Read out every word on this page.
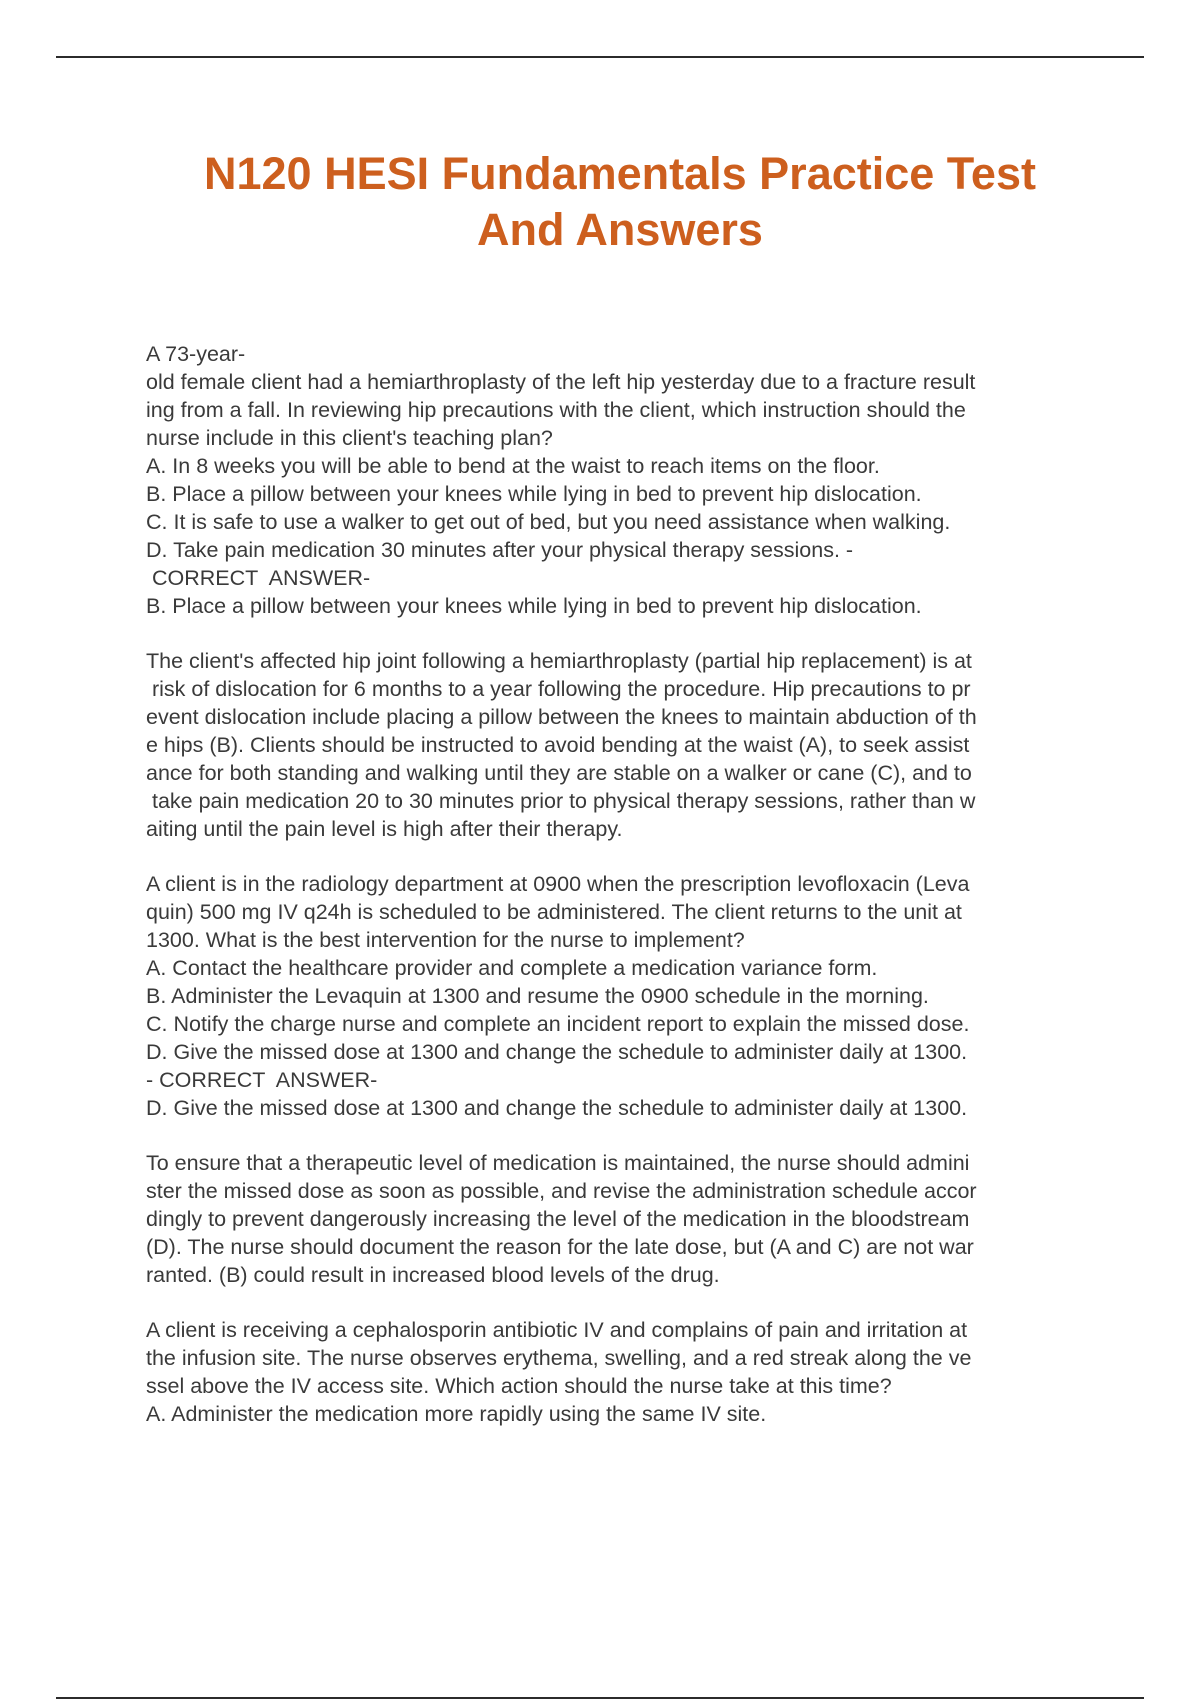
N120 HESI Fundamentals Practice Test
And Answers
A 73-year-
old female client had a hemiarthroplasty of the left hip yesterday due to a fracture result
ing from a fall. In reviewing hip precautions with the client, which instruction should the
nurse include in this client's teaching plan?
A. In 8 weeks you will be able to bend at the waist to reach items on the floor.
B. Place a pillow between your knees while lying in bed to prevent hip dislocation.
C. It is safe to use a walker to get out of bed, but you need assistance when walking.
D. Take pain medication 30 minutes after your physical therapy sessions. -
CORRECT  ANSWER-
B. Place a pillow between your knees while lying in bed to prevent hip dislocation.
The client's affected hip joint following a hemiarthroplasty (partial hip replacement) is at
risk of dislocation for 6 months to a year following the procedure. Hip precautions to pr
event dislocation include placing a pillow between the knees to maintain abduction of th
e hips (B). Clients should be instructed to avoid bending at the waist (A), to seek assist
ance for both standing and walking until they are stable on a walker or cane (C), and to
take pain medication 20 to 30 minutes prior to physical therapy sessions, rather than w
aiting until the pain level is high after their therapy.
A client is in the radiology department at 0900 when the prescription levofloxacin (Leva
quin) 500 mg IV q24h is scheduled to be administered. The client returns to the unit at
1300. What is the best intervention for the nurse to implement?
A. Contact the healthcare provider and complete a medication variance form.
B. Administer the Levaquin at 1300 and resume the 0900 schedule in the morning.
C. Notify the charge nurse and complete an incident report to explain the missed dose.
D. Give the missed dose at 1300 and change the schedule to administer daily at 1300.
- CORRECT  ANSWER-
D. Give the missed dose at 1300 and change the schedule to administer daily at 1300.
To ensure that a therapeutic level of medication is maintained, the nurse should admini
ster the missed dose as soon as possible, and revise the administration schedule accor
dingly to prevent dangerously increasing the level of the medication in the bloodstream
(D). The nurse should document the reason for the late dose, but (A and C) are not war
ranted. (B) could result in increased blood levels of the drug.
A client is receiving a cephalosporin antibiotic IV and complains of pain and irritation at
the infusion site. The nurse observes erythema, swelling, and a red streak along the ve
ssel above the IV access site. Which action should the nurse take at this time?
A. Administer the medication more rapidly using the same IV site.
